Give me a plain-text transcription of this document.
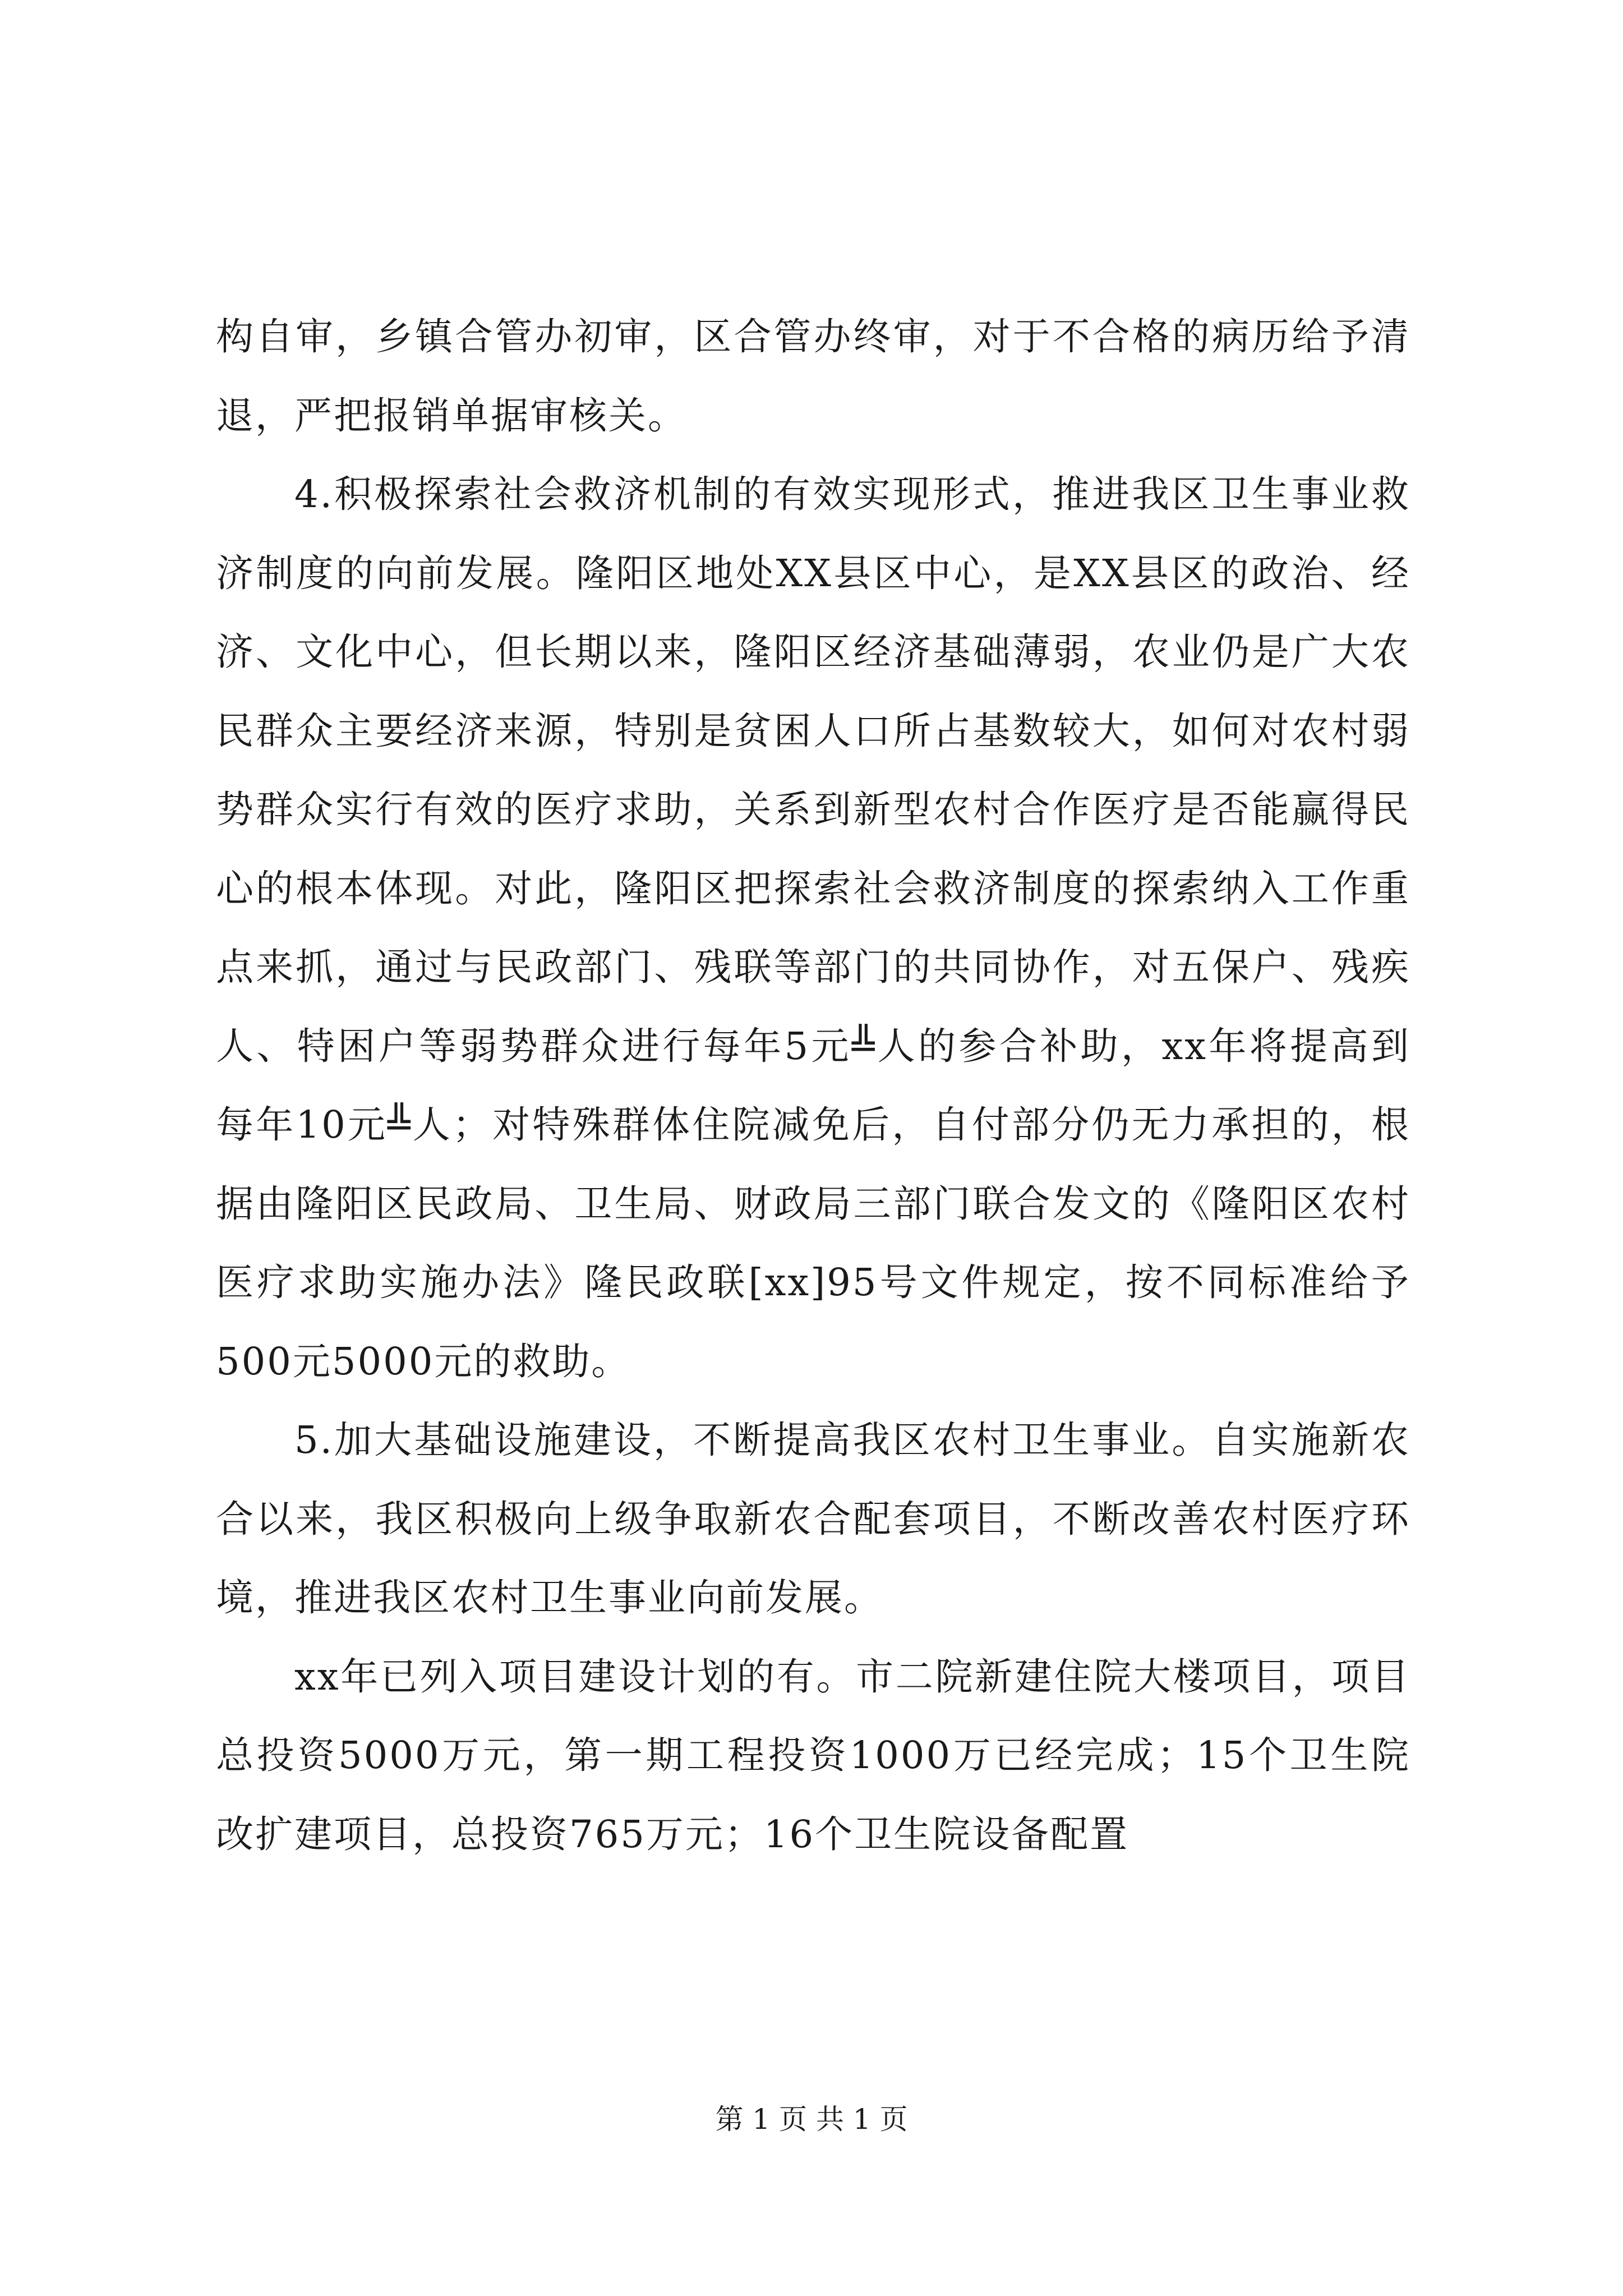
构自审，乡镇合管办初审，区合管办终审，对于不合格的病历给予清退，严把报销单据审核关。

4.积极探索社会救济机制的有效实现形式，推进我区卫生事业救济制度的向前发展。隆阳区地处XX县区中心，是XX县区的政治、经济、文化中心，但长期以来，隆阳区经济基础薄弱，农业仍是广大农民群众主要经济来源，特别是贫困人口所占基数较大，如何对农村弱势群众实行有效的医疗求助，关系到新型农村合作医疗是否能赢得民心的根本体现。对此，隆阳区把探索社会救济制度的探索纳入工作重点来抓，通过与民政部门、残联等部门的共同协作，对五保户、残疾人、特困户等弱势群众进行每年5元╩人的参合补助，xx年将提高到每年10元╩人；对特殊群体住院减免后，自付部分仍无力承担的，根据由隆阳区民政局、卫生局、财政局三部门联合发文的《隆阳区农村医疗求助实施办法》隆民政联[xx]95号文件规定，按不同标准给予500元5000元的救助。

5.加大基础设施建设，不断提高我区农村卫生事业。自实施新农合以来，我区积极向上级争取新农合配套项目，不断改善农村医疗环境，推进我区农村卫生事业向前发展。

xx年已列入项目建设计划的有。市二院新建住院大楼项目，项目总投资5000万元，第一期工程投资1000万已经完成；15个卫生院改扩建项目，总投资765万元；16个卫生院设备配置

第 1 页 共 1 页
